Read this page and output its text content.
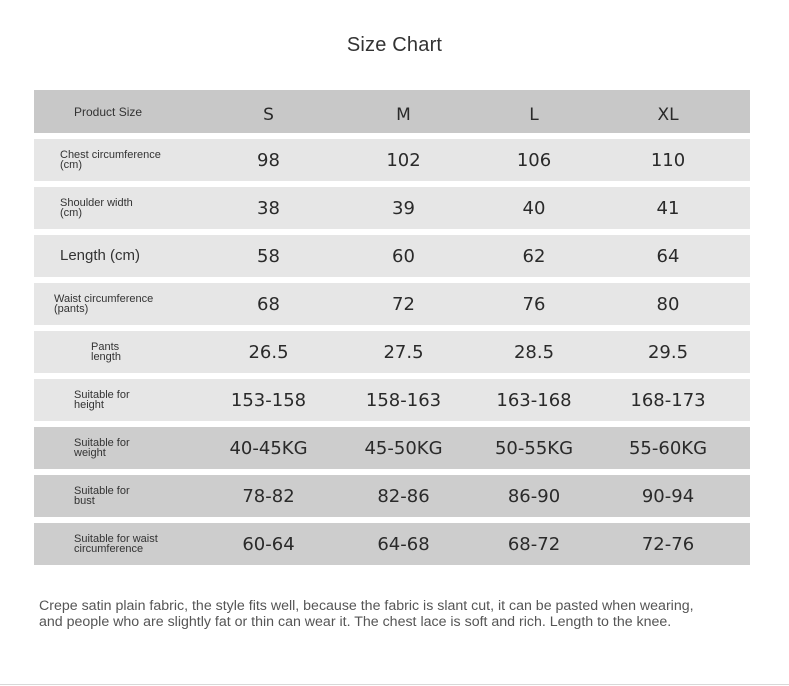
Size Chart
Product Size	S	M	L	XL
Chest circumference
(cm)	98	102	106	110
Shoulder width
(cm)	38	39	40	41
Length (cm)	58	60	62	64
Waist circumference
(pants)	68	72	76	80
Pants
length	26.5	27.5	28.5	29.5
Suitable for
height	153-158	158-163	163-168	168-173
Suitable for
weight	40-45KG	45-50KG	50-55KG	55-60KG
Suitable for
bust	78-82	82-86	86-90	90-94
Suitable for waist
circumference	60-64	64-68	68-72	72-76
Crepe satin plain fabric, the style fits well, because the fabric is slant cut, it can be pasted when wearing,
and people who are slightly fat or thin can wear it. The chest lace is soft and rich. Length to the knee.
